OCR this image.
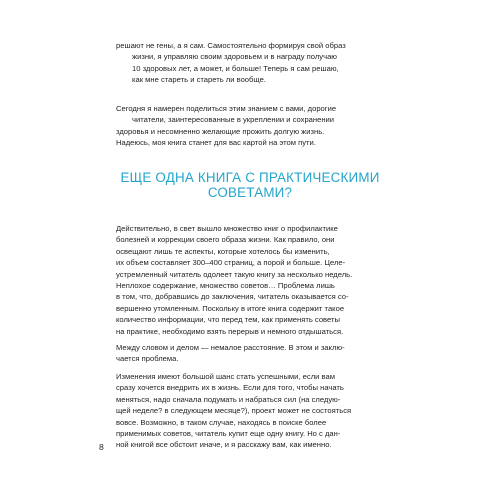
решают не гены, а я сам. Самостоятельно формируя свой образ
жизни, я управляю своим здоровьем и в награду получаю
10 здоровых лет, а может, и больше! Теперь я сам решаю,
как мне стареть и стареть ли вообще.

Сегодня я намерен поделиться этим знанием с вами, дорогие
читатели, заинтересованные в укреплении и сохранении
здоровья и несомненно желающие прожить долгую жизнь.
Надеюсь, моя книга станет для вас картой на этом пути.

ЕЩЕ ОДНА КНИГА С ПРАКТИЧЕСКИМИ
СОВЕТАМИ?

Действительно, в свет вышло множество книг о профилактике
болезней и коррекции своего образа жизни. Как правило, они
освещают лишь те аспекты, которые хотелось бы изменить,
их объем составляет 300–400 страниц, а порой и больше. Целе-
устремленный читатель одолеет такую книгу за несколько недель.
Неплохое содержание, множество советов… Проблема лишь
в том, что, добравшись до заключения, читатель оказывается со-
вершенно утомленным. Поскольку в итоге книга содержит такое
количество информации, что перед тем, как применять советы
на практике, необходимо взять перерыв и немного отдышаться.

Между словом и делом — немалое расстояние. В этом и заклю-
чается проблема.

Изменения имеют большой шанс стать успешными, если вам
сразу хочется внедрить их в жизнь. Если для того, чтобы начать
меняться, надо сначала подумать и набраться сил (на следую-
щей неделе? в следующем месяце?), проект может не состояться
вовсе. Возможно, в таком случае, находясь в поиске более
применимых советов, читатель купит еще одну книгу. Но с дан-
ной книгой все обстоит иначе, и я расскажу вам, как именно.

8
